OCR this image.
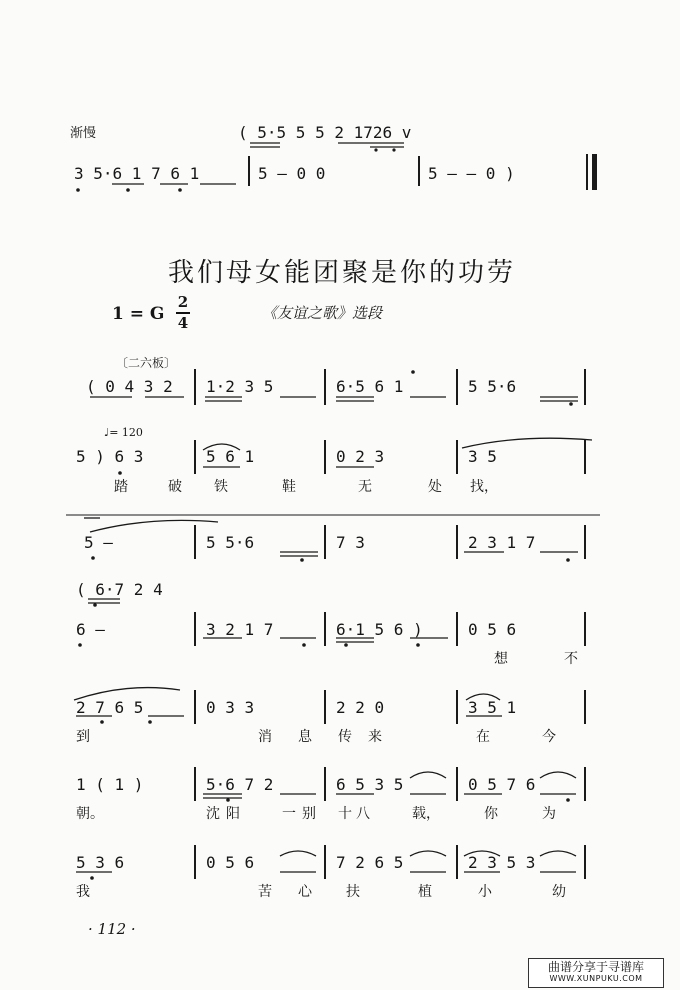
渐慢	( 5·5 5 5 2 1726 v
3 5·6 1 7 6 1	5 — 0 0	5 — — 0 )
我们母女能团聚是你的功劳
1 = G
2
4
《友谊之歌》选段
〔二六板〕
( 0 4 3 2 1·2 3 5	6·5 6 1	5 5·6
♩= 120
5 ) 6 3	5 6 1	0 2 3	3 5
踏	破 铁	鞋	无	处 找，
5 —	5 5·6	7 3	2 3 1 7
( 6·7 2 4
6 —	3 2 1 7	6·1 5 6 )	0 5 6
想	不
2 7 6 5	0 3 3	2 2 0	3 5 1
到	消 息 传 来	在	今
1 ( 1 )	5·6 7 2	6 5 3 5	0 5 7 6
朝。	沈 阳	一 别 十 八	载，	你	为
5 3 6	0 5 6	7 2 6 5	2 3 5 3
我	苦 心 扶	植	小	幼
· 112 ·
曲谱分享于寻谱库
WWW.XUNPUKU.COM
